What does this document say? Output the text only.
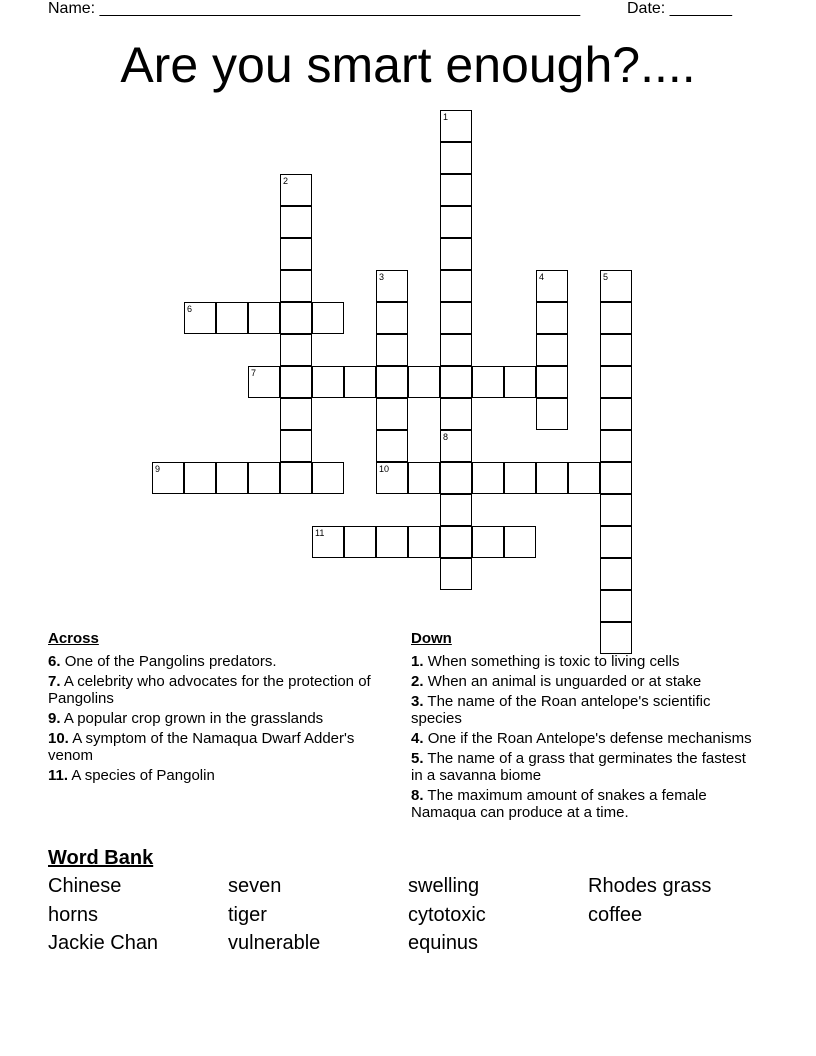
Name: ______________________________________________________	Date: _______
Are you smart enough?....
1
2
3
10
4	5
6
7
8
9
11
Across
6. One of the Pangolins predators.
7. A celebrity who advocates for the protection of Pangolins
9. A popular crop grown in the grasslands
10. A symptom of the Namaqua Dwarf Adder's venom
11. A species of Pangolin
Down
1. When something is toxic to living cells
2. When an animal is unguarded or at stake
3. The name of the Roan antelope's scientific species
4. One if the Roan Antelope's defense mechanisms
5. The name of a grass that germinates the fastest in a savanna biome
8. The maximum amount of snakes a female Namaqua can produce at a time.
Word Bank
Chinese	seven	swelling	Rhodes grass
horns	tiger	cytotoxic	coffee
Jackie Chan	vulnerable	equinus
